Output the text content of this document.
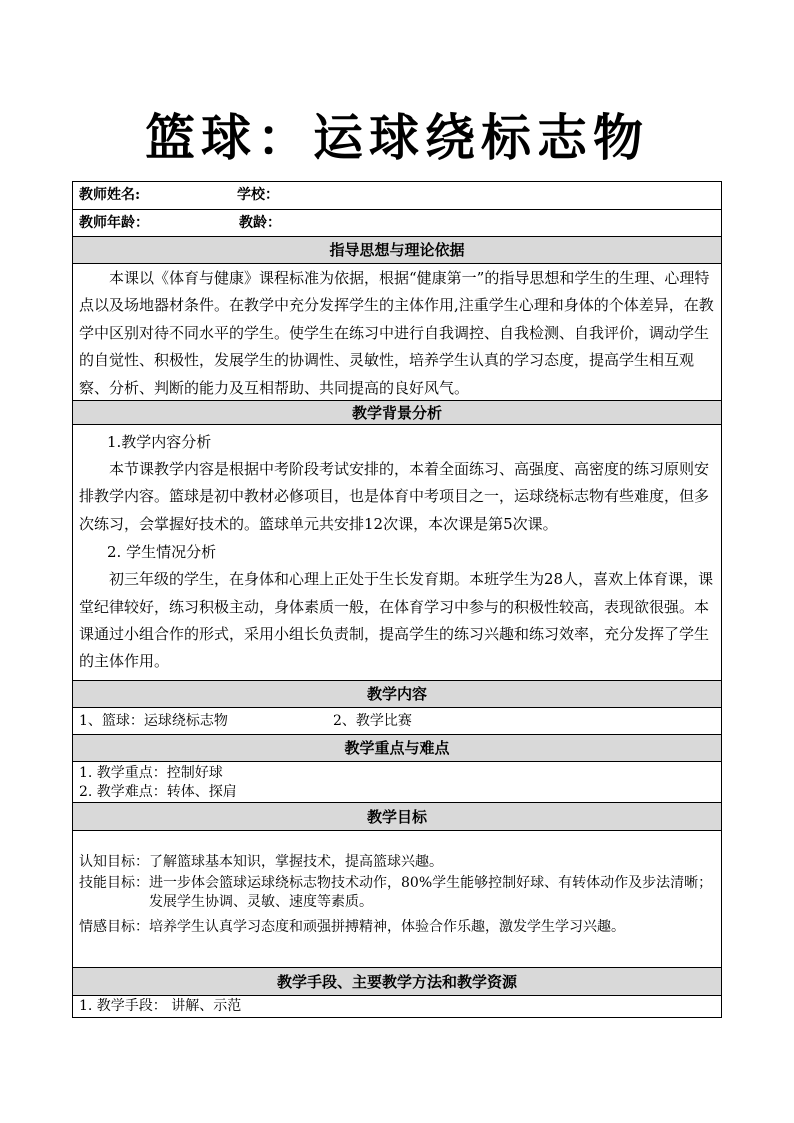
篮球：运球绕标志物
教师姓名:	学校：
教师年龄：	教龄：
指导思想与理论依据

本课以《体育与健康》课程标准为依据，根据“健康第一”的指导思想和学生的生理、心理特点以及场地器材条件。在教学中充分发挥学生的主体作用,注重学生心理和身体的个体差异，在教学中区别对待不同水平的学生。使学生在练习中进行自我调控、自我检测、自我评价，调动学生的自觉性、积极性，发展学生的协调性、灵敏性，培养学生认真的学习态度，提高学生相互观察、分析、判断的能力及互相帮助、共同提高的良好风气。

教学背景分析

1.教学内容分析

本节课教学内容是根据中考阶段考试安排的，本着全面练习、高强度、高密度的练习原则安排教学内容。篮球是初中教材必修项目，也是体育中考项目之一，运球绕标志物有些难度，但多次练习，会掌握好技术的。篮球单元共安排12次课，本次课是第5次课。

2. 学生情况分析

初三年级的学生，在身体和心理上正处于生长发育期。本班学生为28人，喜欢上体育课，课堂纪律较好，练习积极主动，身体素质一般，在体育学习中参与的积极性较高，表现欲很强。本课通过小组合作的形式，采用小组长负责制，提高学生的练习兴趣和练习效率，充分发挥了学生的主体作用。

教学内容
1、篮球：运球绕标志物	2、教学比赛
教学重点与难点
1. 教学重点：控制好球
2. 教学难点：转体、探肩
教学目标
认知目标： 了解篮球基本知识，掌握技术，提高篮球兴趣。
技能目标： 进一步体会篮球运球绕标志物技术动作，80%学生能够控制好球、有转体动作及步法清晰；发展学生协调、灵敏、速度等素质。
情感目标： 培养学生认真学习态度和顽强拼搏精神，体验合作乐趣，激发学生学习兴趣。
教学手段、主要教学方法和教学资源
1. 教学手段： 讲解、示范
